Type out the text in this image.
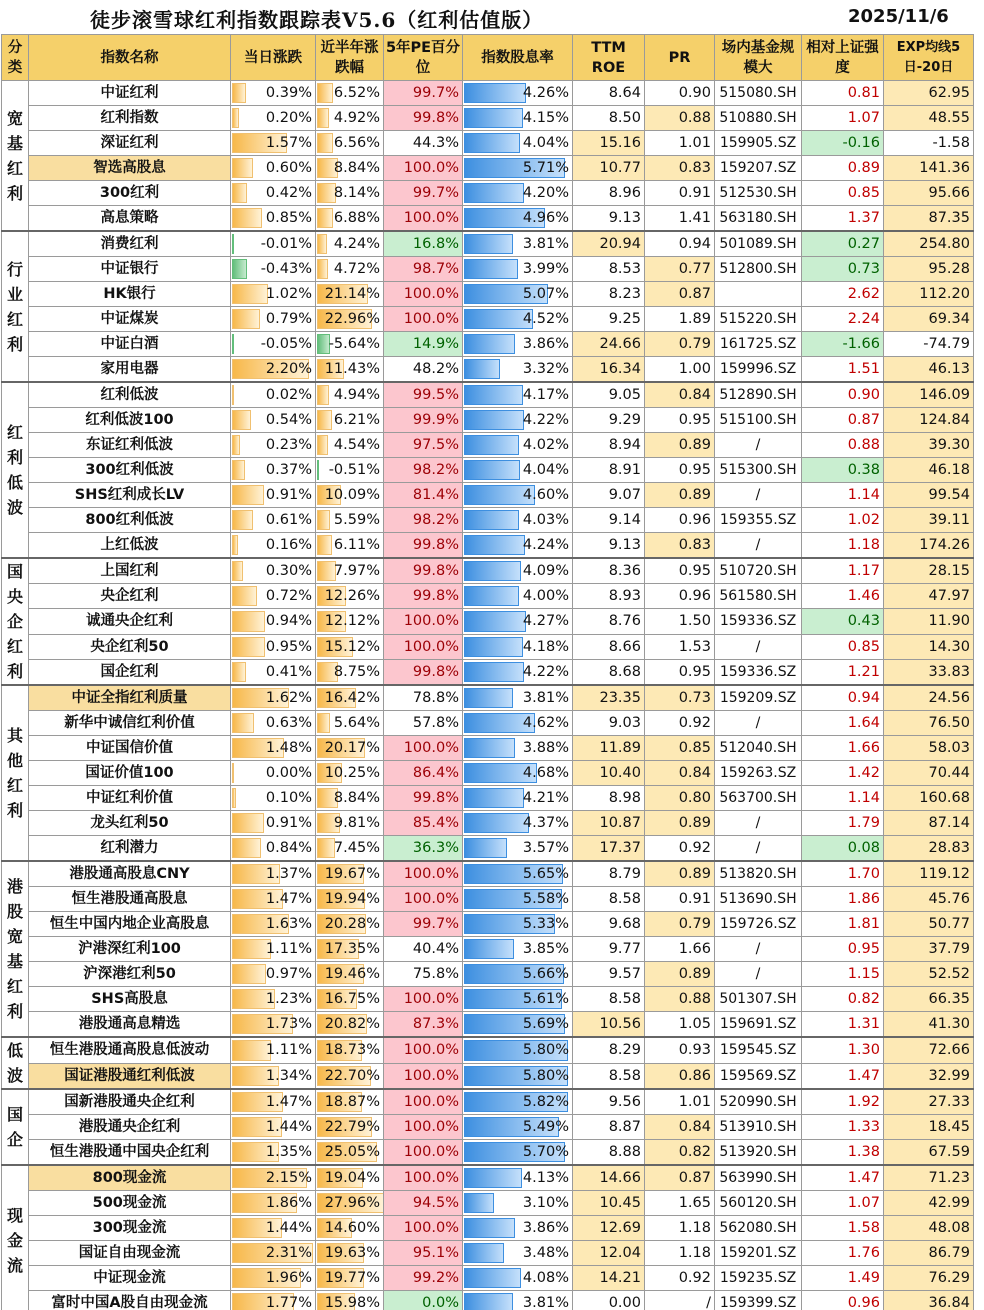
徒步滚雪球红利指数跟踪表V5.6（红利估值版）	2025/11/6
分类	指数名称	当日涨跌	近半年涨跌幅	5年PE百分位	指数股息率	TTM ROE	PR	场内基金规模大	相对上证强度	EXP均线5日-20日
宽基红利	中证红利	0.39%	6.52%	99.7%	4.26%	8.64	0.90	515080.SH	0.81	62.95
	红利指数	0.20%	4.92%	99.8%	4.15%	8.50	0.88	510880.SH	1.07	48.55
	深证红利	1.57%	6.56%	44.3%	4.04%	15.16	1.01	159905.SZ	-0.16	-1.58
	智选高股息	0.60%	8.84%	100.0%	5.71%	10.77	0.83	159207.SZ	0.89	141.36
	300红利	0.42%	8.14%	99.7%	4.20%	8.96	0.91	512530.SH	0.85	95.66
	高息策略	0.85%	6.88%	100.0%	4.96%	9.13	1.41	563180.SH	1.37	87.35
行业红利	消费红利	-0.01%	4.24%	16.8%	3.81%	20.94	0.94	501089.SH	0.27	254.80
	中证银行	-0.43%	4.72%	98.7%	3.99%	8.53	0.77	512800.SH	0.73	95.28
	HK银行	1.02%	21.14%	100.0%	5.07%	8.23	0.87		2.62	112.20
	中证煤炭	0.79%	22.96%	100.0%	4.52%	9.25	1.89	515220.SH	2.24	69.34
	中证白酒	-0.05%	-5.64%	14.9%	3.86%	24.66	0.79	161725.SZ	-1.66	-74.79
	家用电器	2.20%	11.43%	48.2%	3.32%	16.34	1.00	159996.SZ	1.51	46.13
红利低波	红利低波	0.02%	4.94%	99.5%	4.17%	9.05	0.84	512890.SH	0.90	146.09
	红利低波100	0.54%	6.21%	99.9%	4.22%	9.29	0.95	515100.SH	0.87	124.84
	东证红利低波	0.23%	4.54%	97.5%	4.02%	8.94	0.89	/	0.88	39.30
	300红利低波	0.37%	-0.51%	98.2%	4.04%	8.91	0.95	515300.SH	0.38	46.18
	SHS红利成长LV	0.91%	10.09%	81.4%	4.60%	9.07	0.89	/	1.14	99.54
	800红利低波	0.61%	5.59%	98.2%	4.03%	9.14	0.96	159355.SZ	1.02	39.11
	上红低波	0.16%	6.11%	99.8%	4.24%	9.13	0.83	/	1.18	174.26
国央企红利	上国红利	0.30%	7.97%	99.8%	4.09%	8.36	0.95	510720.SH	1.17	28.15
	央企红利	0.72%	12.26%	99.8%	4.00%	8.93	0.96	561580.SH	1.46	47.97
	诚通央企红利	0.94%	12.12%	100.0%	4.27%	8.76	1.50	159336.SZ	0.43	11.90
	央企红利50	0.95%	15.12%	100.0%	4.18%	8.66	1.53	/	0.85	14.30
	国企红利	0.41%	8.75%	99.8%	4.22%	8.68	0.95	159336.SZ	1.21	33.83
其他红利	中证全指红利质量	1.62%	16.42%	78.8%	3.81%	23.35	0.73	159209.SZ	0.94	24.56
	新华中诚信红利价值	0.63%	5.64%	57.8%	4.62%	9.03	0.92	/	1.64	76.50
	中证国信价值	1.48%	20.17%	100.0%	3.88%	11.89	0.85	512040.SH	1.66	58.03
	国证价值100	0.00%	10.25%	86.4%	4.68%	10.40	0.84	159263.SZ	1.42	70.44
	中证红利价值	0.10%	8.84%	99.8%	4.21%	8.98	0.80	563700.SH	1.14	160.68
	龙头红利50	0.91%	9.81%	85.4%	4.37%	10.87	0.89	/	1.79	87.14
	红利潜力	0.84%	7.45%	36.3%	3.57%	17.37	0.92	/	0.08	28.83
港股宽基红利	港股通高股息CNY	1.37%	19.67%	100.0%	5.65%	8.79	0.89	513820.SH	1.70	119.12
	恒生港股通高股息	1.47%	19.94%	100.0%	5.58%	8.58	0.91	513690.SH	1.86	45.76
	恒生中国内地企业高股息	1.63%	20.28%	99.7%	5.33%	9.68	0.79	159726.SZ	1.81	50.77
	沪港深红利100	1.11%	17.35%	40.4%	3.85%	9.77	1.66	/	0.95	37.79
	沪深港红利50	0.97%	19.46%	75.8%	5.66%	9.57	0.89	/	1.15	52.52
	SHS高股息	1.23%	16.75%	100.0%	5.61%	8.58	0.88	501307.SH	0.82	66.35
	港股通高息精选	1.73%	20.82%	87.3%	5.69%	10.56	1.05	159691.SZ	1.31	41.30
低波	恒生港股通高股息低波动	1.11%	18.73%	100.0%	5.80%	8.29	0.93	159545.SZ	1.30	72.66
	国证港股通红利低波	1.34%	22.70%	100.0%	5.80%	8.58	0.86	159569.SZ	1.47	32.99
国企	国新港股通央企红利	1.47%	18.87%	100.0%	5.82%	9.56	1.01	520990.SH	1.92	27.33
	港股通央企红利	1.44%	22.79%	100.0%	5.49%	8.87	0.84	513910.SH	1.33	18.45
	恒生港股通中国央企红利	1.35%	25.05%	100.0%	5.70%	8.88	0.82	513920.SH	1.38	67.59
现金流	800现金流	2.15%	19.04%	100.0%	4.13%	14.66	0.87	563990.SH	1.47	71.23
	500现金流	1.86%	27.96%	94.5%	3.10%	10.45	1.65	560120.SH	1.07	42.99
	300现金流	1.44%	14.60%	100.0%	3.86%	12.69	1.18	562080.SH	1.58	48.08
	国证自由现金流	2.31%	19.63%	95.1%	3.48%	12.04	1.18	159201.SZ	1.76	86.79
	中证现金流	1.96%	19.77%	99.2%	4.08%	14.21	0.92	159235.SZ	1.49	76.29
	富时中国A股自由现金流	1.77%	15.98%	0.0%	3.81%	0.00	/	159399.SZ	0.96	36.84
